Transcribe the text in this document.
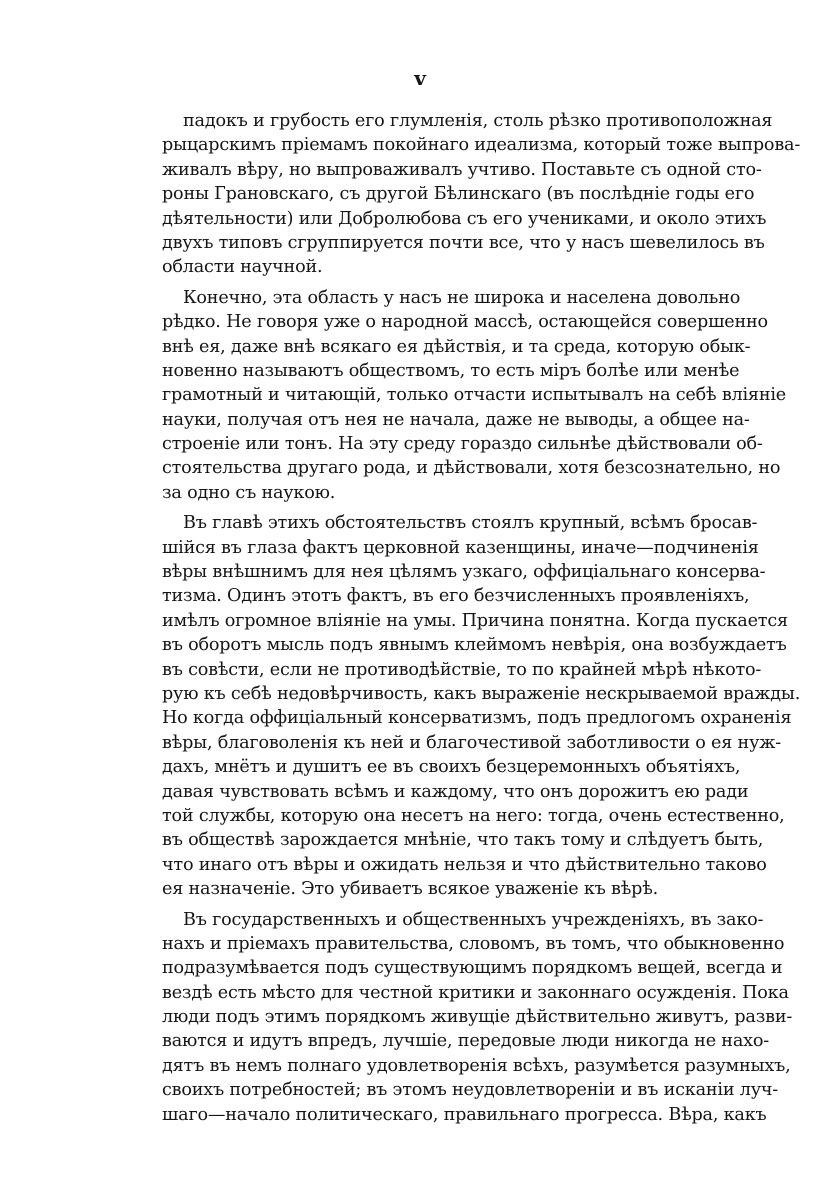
v
падокъ и грубость его глумленія, столь рѣзко противоположная
рыцарскимъ пріемамъ покойнаго идеализма, который тоже выпрова-
живалъ вѣру, но выпроваживалъ учтиво. Поставьте съ одной сто-
роны Грановскаго, съ другой Бѣлинскаго (въ послѣдніе годы его
дѣятельности) или Добролюбова съ его учениками, и около этихъ
двухъ типовъ сгруппируется почти все, что у насъ шевелилось въ
области научной.
Конечно, эта область у насъ не широка и населена довольно
рѣдко. Не говоря уже о народной массѣ, остающейся совершенно
внѣ ея, даже внѣ всякаго ея дѣйствія, и та среда, которую обык-
новенно называютъ обществомъ, то есть міръ болѣе или менѣе
грамотный и читающій, только отчасти испытывалъ на себѣ вліяніе
науки, получая отъ нея не начала, даже не выводы, а общее на-
строеніе или тонъ. На эту среду гораздо сильнѣе дѣйствовали об-
стоятельства другаго рода, и дѣйствовали, хотя безсознательно, но
за одно съ наукою.
Въ главѣ этихъ обстоятельствъ стоялъ крупный, всѣмъ бросав-
шійся въ глаза фактъ церковной казенщины, иначе—подчиненія
вѣры внѣшнимъ для нея цѣлямъ узкаго, оффиціальнаго консерва-
тизма. Одинъ этотъ фактъ, въ его безчисленныхъ проявленіяхъ,
имѣлъ огромное вліяніе на умы. Причина понятна. Когда пускается
въ оборотъ мысль подъ явнымъ клеймомъ невѣрія, она возбуждаетъ
въ совѣсти, если не противодѣйствіе, то по крайней мѣрѣ нѣкото-
рую къ себѣ недовѣрчивость, какъ выраженіе нескрываемой вражды.
Но когда оффиціальный консерватизмъ, подъ предлогомъ охраненія
вѣры, благоволенія къ ней и благочестивой заботливости о ея нуж-
дахъ, мнётъ и душитъ ее въ своихъ безцеремонныхъ объятіяхъ,
давая чувствовать всѣмъ и каждому, что онъ дорожитъ ею ради
той службы, которую она несетъ на него: тогда, очень естественно,
въ обществѣ зарождается мнѣніе, что такъ тому и слѣдуетъ быть,
что инаго отъ вѣры и ожидать нельзя и что дѣйствительно таково
ея назначеніе. Это убиваетъ всякое уваженіе къ вѣрѣ.
Въ государственныхъ и общественныхъ учрежденіяхъ, въ зако-
нахъ и пріемахъ правительства, словомъ, въ томъ, что обыкновенно
подразумѣвается подъ существующимъ порядкомъ вещей, всегда и
вездѣ есть мѣсто для честной критики и законнаго осужденія. Пока
люди подъ этимъ порядкомъ живущіе дѣйствительно живутъ, разви-
ваются и идутъ впредъ, лучшіе, передовые люди никогда не нахо-
дятъ въ немъ полнаго удовлетворенія всѣхъ, разумѣется разумныхъ,
своихъ потребностей; въ этомъ неудовлетвореніи и въ исканіи луч-
шаго—начало политическаго, правильнаго прогресса. Вѣра, какъ
